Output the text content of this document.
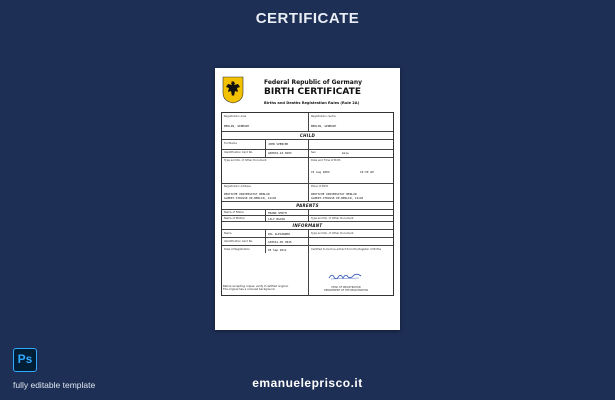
CERTIFICATE
Federal Republic of Germany
BIRTH CERTIFICATE
Births and Deaths Registration Rules (Rule 2A)
Registration area
BERLIN, GERMANY
Registration centre
BERLIN, GERMANY
CHILD
Full Name	JOHN SPENCER
Identification Card No.	A00834-24-5683
Type and No. of Other Document
Sex	male
Date and Time of Birth
15 Aug 2002	10:30 AM
Registration Address
DEUTSCHE UNIVERSITAT BERLIN
ALBERT-STRASSE DE-BERLIN, 12145
Place of Birth
DEUTSCHE UNIVERSITAT BERLIN
ALBERT-STRASSE DE-BERLIN, 12145
PARENTS
Name of Father	FRANK SMITH
Name of Mother	LILY BAJOR	Type and No. of Other Document
INFORMANT
Name	PAL ALEXANDER	Type and No. of Other Document
Identification Card No.	A38541-05-3845
Date of Registration	05 Sep 2011	Certified to be true extract from the Register of Births
HEAD OF REGISTRATION
DEPARTMENT OF THE REGISTRATION
Before accepting copies, verify if certified original.
The original has a coloured background.
Ps
fully editable template	emanueleprisco.it
